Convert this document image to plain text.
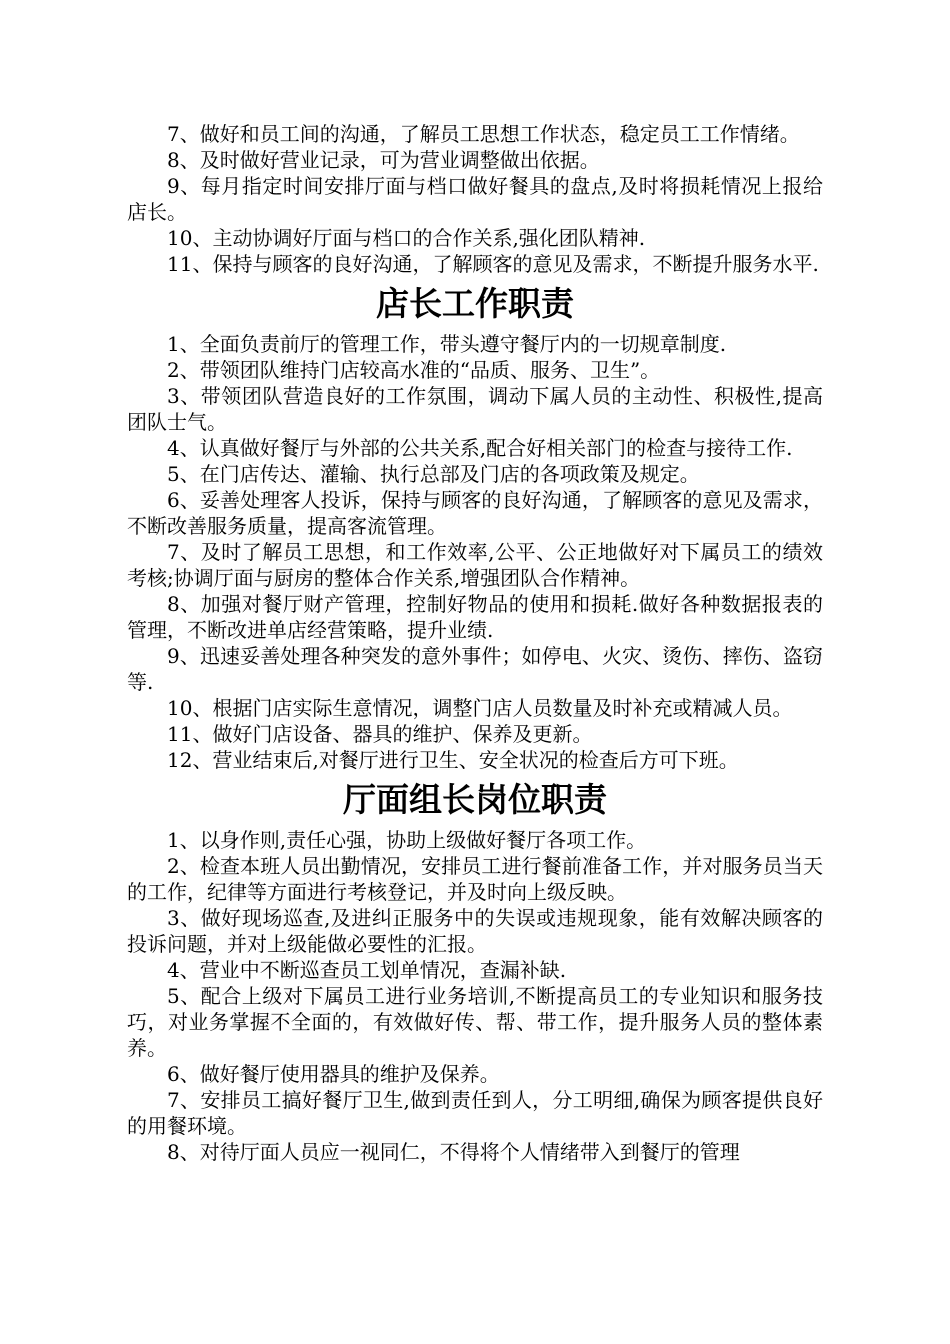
7、做好和员工间的沟通，了解员工思想工作状态，稳定员工工作情绪。

8、及时做好营业记录，可为营业调整做出依据。

9、每月指定时间安排厅面与档口做好餐具的盘点,及时将损耗情况上报给店长。

10、主动协调好厅面与档口的合作关系,强化团队精神.

11、保持与顾客的良好沟通，了解顾客的意见及需求，不断提升服务水平.

店长工作职责

1、全面负责前厅的管理工作，带头遵守餐厅内的一切规章制度.

2、带领团队维持门店较高水准的“品质、服务、卫生”。

3、带领团队营造良好的工作氛围，调动下属人员的主动性、积极性,提高团队士气。

4、认真做好餐厅与外部的公共关系,配合好相关部门的检查与接待工作.

5、在门店传达、灌输、执行总部及门店的各项政策及规定。

6、妥善处理客人投诉，保持与顾客的良好沟通，了解顾客的意见及需求，不断改善服务质量，提高客流管理。

7、及时了解员工思想，和工作效率,公平、公正地做好对下属员工的绩效考核;协调厅面与厨房的整体合作关系,增强团队合作精神。

8、加强对餐厅财产管理，控制好物品的使用和损耗.做好各种数据报表的管理，不断改进单店经营策略，提升业绩.

9、迅速妥善处理各种突发的意外事件；如停电、火灾、烫伤、摔伤、盗窃等.

10、根据门店实际生意情况，调整门店人员数量及时补充或精减人员。

11、做好门店设备、器具的维护、保养及更新。

12、营业结束后,对餐厅进行卫生、安全状况的检查后方可下班。

厅面组长岗位职责

1、以身作则,责任心强，协助上级做好餐厅各项工作。

2、检查本班人员出勤情况，安排员工进行餐前准备工作，并对服务员当天的工作，纪律等方面进行考核登记，并及时向上级反映。

3、做好现场巡查,及进纠正服务中的失误或违规现象，能有效解决顾客的投诉问题，并对上级能做必要性的汇报。

4、营业中不断巡查员工划单情况，查漏补缺.

5、配合上级对下属员工进行业务培训,不断提高员工的专业知识和服务技巧，对业务掌握不全面的，有效做好传、帮、带工作，提升服务人员的整体素养。

6、做好餐厅使用器具的维护及保养。

7、安排员工搞好餐厅卫生,做到责任到人，分工明细,确保为顾客提供良好的用餐环境。

8、对待厅面人员应一视同仁，不得将个人情绪带入到餐厅的管理
